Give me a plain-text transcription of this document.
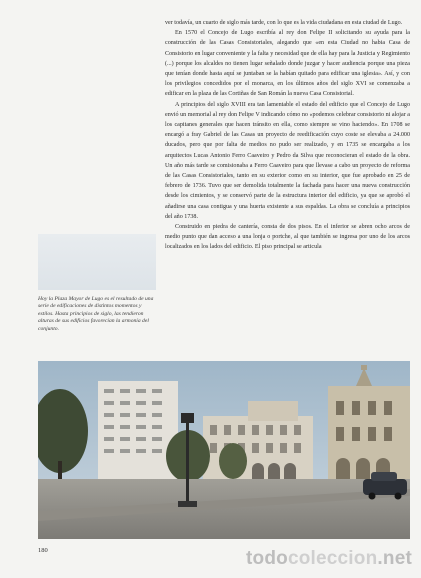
Hoy la Plaza Mayor de Lugo es el resultado de una serie de edificaciones de distintos momentos y estilos. Hasta principios de siglo, las tendieron alturas de sus edificios favorecían la armonía del conjunto.

ver todavía, un cuarto de siglo más tarde, con lo que es la vida ciudadana en esta ciudad de Lugo.

En 1570 el Concejo de Lugo escribía al rey don Felipe II solicitando su ayuda para la construcción de las Casas Consistoriales, alegando que «en esta Ciudad no habia Casa de Consistorio en lugar conveniente y la falta y necesidad que de ella hay para la Justicia y Regimiento (...) porque los alcaldes no tienen lugar señalado donde juzgar y hacer audiencia porque una pieza que tenían donde hasta aquí se juntaban se la habían quitado para edificar una iglesia». Así, y con los privilegios concedidos por el monarca, en los últimos años del siglo XVI se comenzaba a edificar en la plaza de las Cortiñas de San Román la nueva Casa Consistorial.

A principios del siglo XVIII era tan lamentable el estado del edificio que el Concejo de Lugo envió un memorial al rey don Felipe V indicando cómo no «podemos celebrar consistorio ni alojar a los capitanes generales que hacen tránsito en ella, como siempre se vino haciendo». En 1708 se encargó a fray Gabriel de las Casas un proyecto de reedificación cuyo coste se elevaba a 24.000 ducados, pero que por falta de medios no pudo ser realizado, y en 1735 se encargaba a los arquitectos Lucas Antonio Ferro Caaveiro y Pedro da Silva que reconocieran el estado de la obra. Un año más tarde se comisionaba a Ferro Caaveiro para que llevase a cabo un proyecto de reforma de las Casas Consistoriales, tanto en su exterior como en su interior, que fue aprobado en 25 de febrero de 1736. Tuvo que ser demolida totalmente la fachada para hacer una nueva construcción desde los cimientos, y se conservó parte de la estructura interior del edificio, ya que se aprobó el añadirse una casa contigua y una huerta existente a sus espaldas. La obra se concluía a principios del año 1738.

Construido en piedra de cantería, consta de dos pisos. En el inferior se abren ocho arcos de medio punto que dan acceso a una lonja o portche, al que también se ingresa por uno de los arcos localizados en los lados del edificio. El piso principal se articula

180	todo coleccion .net
